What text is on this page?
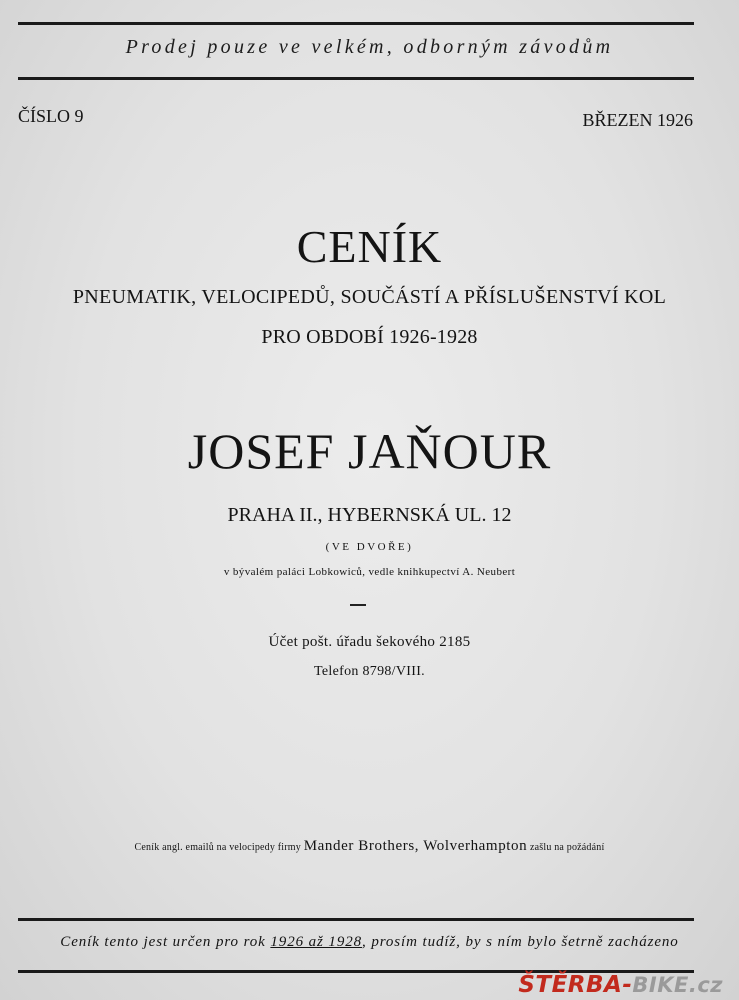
Prodej pouze ve velkém, odborným závodům
ČÍSLO 9	BŘEZEN 1926
CENÍK
PNEUMATIK, VELOCIPEDŮ, SOUČÁSTÍ A PŘÍSLUŠENSTVÍ KOL
PRO OBDOBÍ 1926-1928
JOSEF JAŇOUR
PRAHA II., HYBERNSKÁ UL. 12
(VE DVOŘE)
v bývalém paláci Lobkowiců, vedle knihkupectví A. Neubert
Účet pošt. úřadu šekového 2185
Telefon 8798/VIII.
Ceník angl. emailů na velocipedy firmy Mander Brothers, Wolverhampton zašlu na požádání
Ceník tento jest určen pro rok 1926 až 1928, prosím tudíž, by s ním bylo šetrně zacházeno
ŠTĚRBA-BIKE.cz
